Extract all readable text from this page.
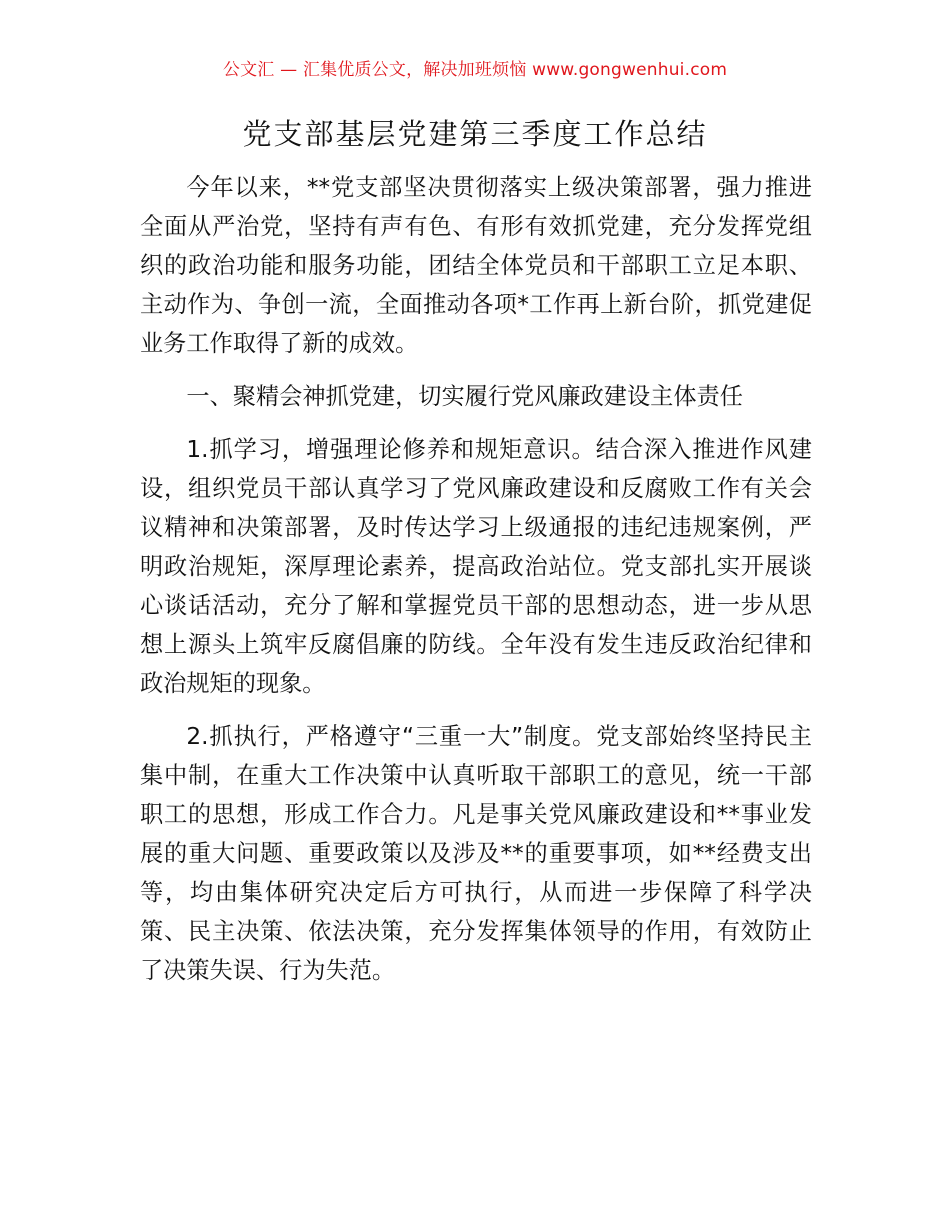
公文汇 — 汇集优质公文，解决加班烦恼 www.gongwenhui.com
党支部基层党建第三季度工作总结

今年以来，**党支部坚决贯彻落实上级决策部署，强力推进全面从严治党，坚持有声有色、有形有效抓党建，充分发挥党组织的政治功能和服务功能，团结全体党员和干部职工立足本职、主动作为、争创一流，全面推动各项*工作再上新台阶，抓党建促业务工作取得了新的成效。

一、聚精会神抓党建，切实履行党风廉政建设主体责任

1.抓学习，增强理论修养和规矩意识。结合深入推进作风建设，组织党员干部认真学习了党风廉政建设和反腐败工作有关会议精神和决策部署，及时传达学习上级通报的违纪违规案例，严明政治规矩，深厚理论素养，提高政治站位。党支部扎实开展谈心谈话活动，充分了解和掌握党员干部的思想动态，进一步从思想上源头上筑牢反腐倡廉的防线。全年没有发生违反政治纪律和政治规矩的现象。

2.抓执行，严格遵守“三重一大”制度。党支部始终坚持民主集中制，在重大工作决策中认真听取干部职工的意见，统一干部职工的思想，形成工作合力。凡是事关党风廉政建设和**事业发展的重大问题、重要政策以及涉及**的重要事项，如**经费支出等，均由集体研究决定后方可执行，从而进一步保障了科学决策、民主决策、依法决策，充分发挥集体领导的作用，有效防止了决策失误、行为失范。
